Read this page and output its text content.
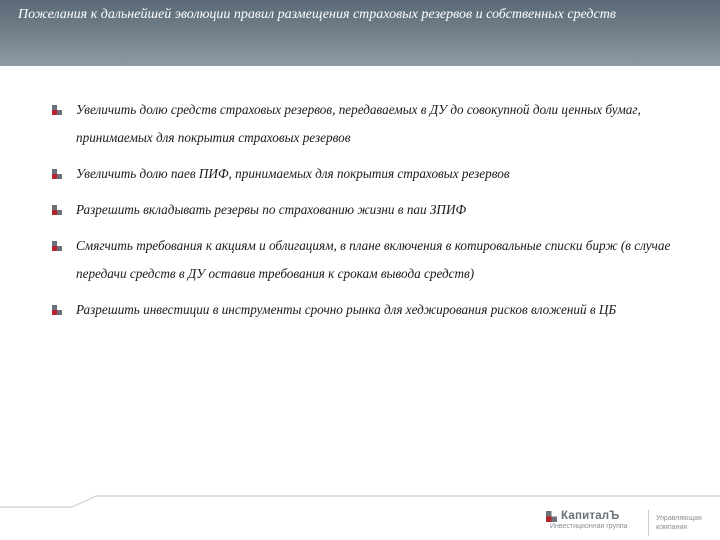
Пожелания к дальнейшей эволюции правил размещения страховых резервов и собственных средств
Увеличить долю средств страховых резервов, передаваемых в ДУ до совокупной доли ценных бумаг, принимаемых для покрытия страховых резервов
Увеличить долю паев ПИФ, принимаемых для покрытия страховых резервов
Разрешить вкладывать резервы по страхованию жизни в паи ЗПИФ
Смягчить требования к акциям и облигациям, в плане включения в котировальные списки бирж (в случае передачи средств в ДУ оставив требования к срокам вывода средств)
Разрешить инвестиции в инструменты срочно рынка для хеджирования рисков вложений в ЦБ
КапиталЪ
Инвестиционная группа
Управляющая
компания
